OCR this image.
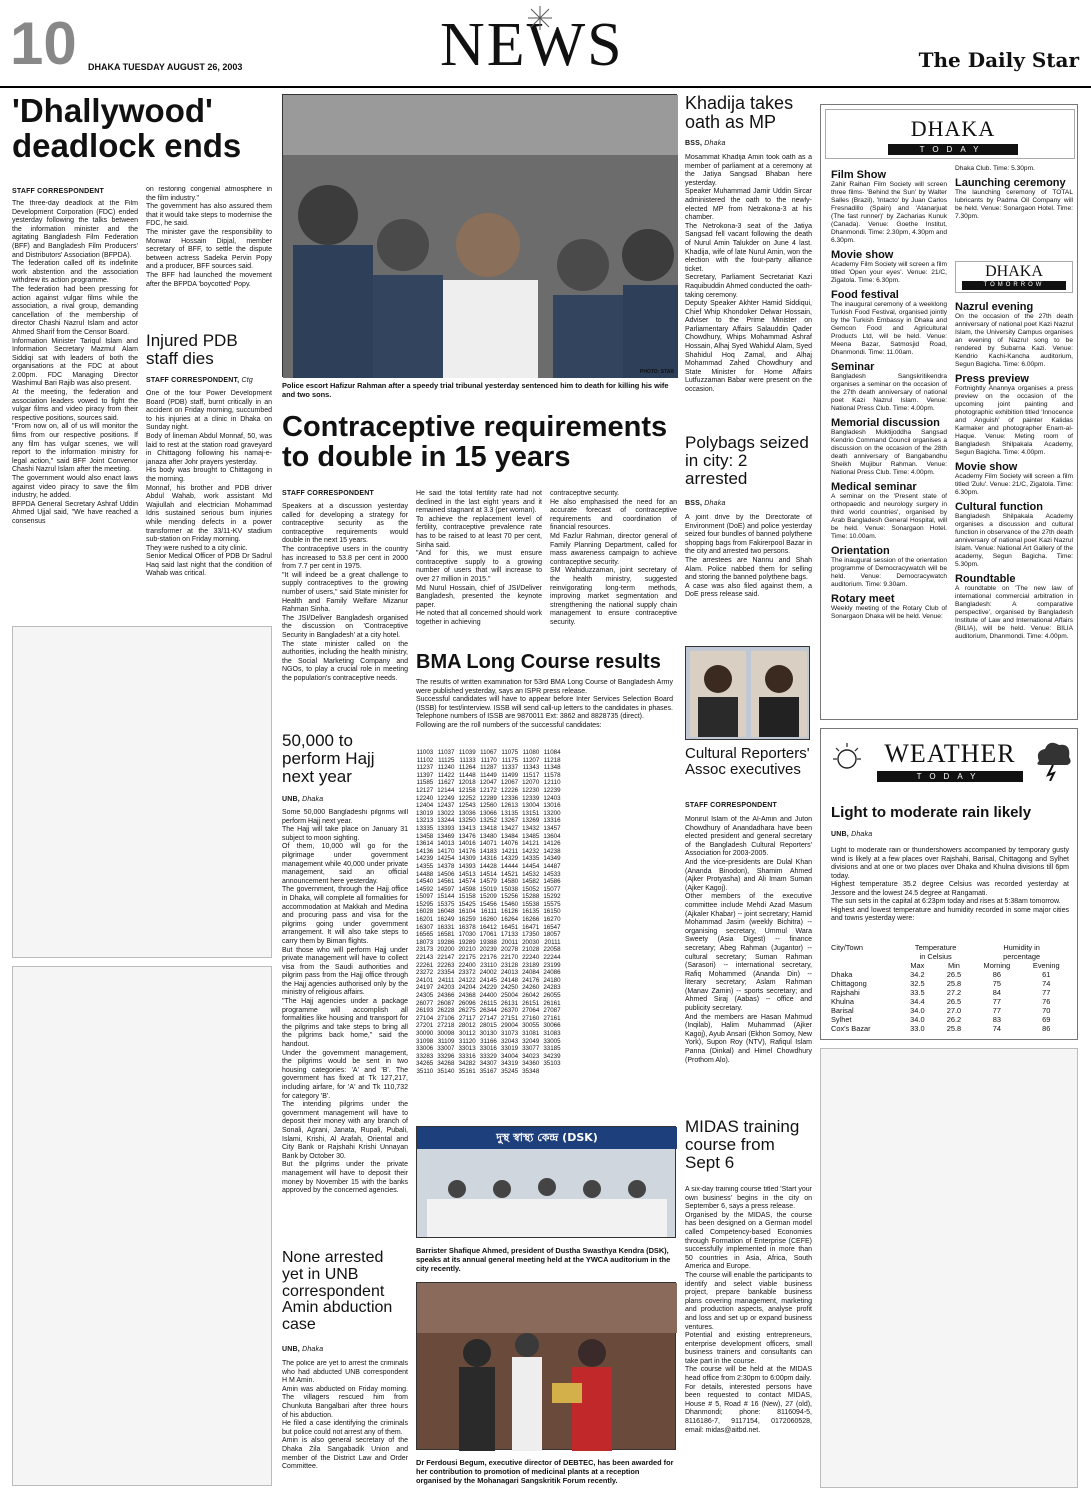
10 DHAKA TUESDAY AUGUST 26, 2003	NEWS	The Daily Star
'Dhallywood' deadlock ends
STAFF CORRESPONDENT

The three-day deadlock at the Film Development Corporation (FDC) ended yesterday following the talks between the information minister and the agitating Bangladesh Film Federation (BFF) and Bangladesh Film Producers' and Distributors' Association (BFPDA).

The federation called off its indefinite work abstention and the association withdrew its action programme.

The federation had been pressing for action against vulgar films while the association, a rival group, demanding cancellation of the membership of director Chashi Nazrul Islam and actor Ahmed Sharif from the Censor Board.

Information Minister Tariqul Islam and Information Secretary Mazmul Alam Siddiqi sat with leaders of both the organisations at the FDC at about 2.00pm. FDC Managing Director Washimul Bari Rajib was also present.

At the meeting, the federation and association leaders vowed to fight the vulgar films and video piracy from their respective positions, sources said.

"From now on, all of us will monitor the films from our respective positions. If any film has vulgar scenes, we will report to the information ministry for legal action," said BFF Joint Convenor Chashi Nazrul Islam after the meeting.

The government would also enact laws against video piracy to save the film industry, he added.

BFPDA General Secretary Ashraf Uddin Ahmed Ujjal said, "We have reached a consensus

on restoring congenial atmosphere in the film industry."

The government has also assured them that it would take steps to modernise the FDC, he said.

The minister gave the responsibility to Monwar Hossain Dipjal, member secretary of BFF, to settle the dispute between actress Sadeka Pervin Popy and a producer, BFF sources said.

The BFF had launched the movement after the BFPDA 'boycotted' Popy.

Injured PDB staff dies
STAFF CORRESPONDENT, Ctg

One of the four Power Development Board (PDB) staff, burnt critically in an accident on Friday morning, succumbed to his injuries at a clinic in Dhaka on Sunday night.

Body of lineman Abdul Monnaf, 50, was laid to rest at the station road graveyard in Chittagong following his namaj-e-janaza after Johr prayers yesterday.

His body was brought to Chittagong in the morning.

Monnaf, his brother and PDB driver Abdul Wahab, work assistant Md Wajiullah and electrician Mohammad Idris sustained serious burn injuries while mending defects in a power transformer at the 33/11-KV stadium sub-station on Friday morning.

They were rushed to a city clinic.

Senior Medical Officer of PDB Dr Sadrul Haq said last night that the condition of Wahab was critical.

PHOTO: STAR
Police escort Hafizur Rahman after a speedy trial tribunal yesterday sentenced him to death for killing his wife and two sons.
Contraceptive requirements to double in 15 years
STAFF CORRESPONDENT

Speakers at a discussion yesterday called for developing a strategy for contraceptive security as the contraceptive requirements would double in the next 15 years.

The contraceptive users in the country has increased to 53.8 per cent in 2000 from 7.7 per cent in 1975.

"It will indeed be a great challenge to supply contraceptives to the growing number of users," said State minister for Health and Family Welfare Mizanur Rahman Sinha.

The JSI/Deliver Bangladesh organised the discussion on 'Contraceptive Security in Bangladesh' at a city hotel.

The state minister called on the authorities, including the health ministry, the Social Marketing Company and NGOs, to play a crucial role in meeting the population's contraceptive needs.

He said the total fertility rate had not declined in the last eight years and it remained stagnant at 3.3 (per woman).

To achieve the replacement level of fertility, contraceptive prevalence rate has to be raised to at least 70 per cent, Sinha said.

"And for this, we must ensure contraceptive supply to a growing number of users that will increase to over 27 million in 2015."

Md Nurul Hossain, chief of JSI/Deliver Bangladesh, presented the keynote paper.

He noted that all concerned should work together in achieving

contraceptive security.

He also emphasised the need for an accurate forecast of contraceptive requirements and coordination of financial resources.

Md Fazlur Rahman, director general of Family Planning Department, called for mass awareness campaign to achieve contraceptive security.

SM Wahiduzzaman, joint secretary of the health ministry, suggested reinvigorating long-term methods, improving market segmentation and strengthening the national supply chain management to ensure contraceptive security.

50,000 to perform Hajj next year
UNB, Dhaka

Some 50,000 Bangladeshi pilgrims will perform Hajj next year.

The Hajj will take place on January 31 subject to moon sighting.

Of them, 10,000 will go for the pilgrimage under government management while 40,000 under private management, said an official announcement here yesterday.

The government, through the Hajj office in Dhaka, will complete all formalities for accommodation at Makkah and Medina and procuring pass and visa for the pilgrims going under government arrangement. It will also take steps to carry them by Biman flights.

But those who will perform Hajj under private management will have to collect visa from the Saudi authorities and pilgrim pass from the Hajj office through the Hajj agencies authorised only by the ministry of religious affairs.

"The Hajj agencies under a package programme will accomplish all formalities like housing and transport for the pilgrims and take steps to bring all the pilgrims back home," said the handout.

Under the government management, the pilgrims would be sent in two housing categories: 'A' and 'B'. The government has fixed at Tk 127,217, including airfare, for 'A' and Tk 110,732 for category 'B'.

The intending pilgrims under the government management will have to deposit their money with any branch of Sonali, Agrani, Janata, Rupali, Pubali, Islami, Krishi, Al Arafah, Oriental and City Bank or Rajshahi Krishi Unnayan Bank by October 30.

But the pilgrims under the private management will have to deposit their money by November 15 with the banks approved by the concerned agencies.

None arrested yet in UNB correspondent Amin abduction case
UNB, Dhaka

The police are yet to arrest the criminals who had abducted UNB correspondent H M Amin.

Amin was abducted on Friday morning. The villagers rescued him from Chunkuta Bangalbari after three hours of his abduction.

He filed a case identifying the criminals but police could not arrest any of them.

Amin is also general secretary of the Dhaka Zila Sangabadik Union and member of the District Law and Order Committee.

BMA Long Course results

The results of written examination for 53rd BMA Long Course of Bangladesh Army were published yesterday, says an ISPR press release.

Successful candidates will have to appear before Inter Services Selection Board (ISSB) for test/interview. ISSB will send call-up letters to the candidates in phases. Telephone numbers of ISSB are 9870011 Ext: 3862 and 8828735 (direct).

Following are the roll numbers of the successful candidates:

11003	11037	11039	11067	11075	11080	11084
11102	11125	11133	11170	11175	11207	11218
11237	11240	11264	11287	11337	11343	11348
11397	11422	11448	11449	11499	11517	11578
11585	11627	12018	12047	12067	12070	12110
12127	12144	12158	12172	12226	12230	12239
12240	12249	12252	12289	12336	12339	12403
12404	12437	12543	12560	12613	13004	13016
13019	13022	13036	13066	13135	13151	13200
13213	13244	13250	13252	13267	13269	13316
13335	13393	13413	13418	13427	13432	13457
13458	13469	13476	13480	13484	13485	13604
13614	14013	14016	14071	14076	14121	14126
14136	14170	14176	14183	14211	14232	14238
14239	14254	14309	14316	14329	14335	14349
14355	14378	14393	14428	14444	14454	14487
14488	14506	14513	14514	14521	14532	14533
14540	14561	14574	14579	14580	14582	14586
14592	14597	14598	15019	15038	15052	15077
15097	15144	15158	15209	15256	15288	15292
15295	15375	15425	15456	15460	15538	15575
16028	16048	16104	16111	16126	16135	16150
16201	16249	16259	16260	16264	16266	16270
16307	16331	16378	16412	16451	16471	16547
16565	16581	17030	17061	17133	17350	18057
18073	19286	19289	19388	20011	20030	20111
23173	20200	20210	20239	20278	21028	22058
22143	22147	22175	22176	22170	22240	22244
22261	22263	22400	23110	23128	23189	23199
23272	23354	23372	24002	24013	24084	24086
24101	24111	24122	24145	24148	24176	24180
24197	24203	24204	24229	24250	24260	24283
24305	24366	24368	24400	25004	26042	26055
26077	26087	26096	26115	26131	26151	26161
26193	26228	26275	26344	26370	27064	27087
27104	27106	27117	27147	27151	27160	27161
27201	27218	28012	28015	29004	30055	30066
30090	30098	30112	30130	31073	31081	31083
31098	31109	31120	31166	32043	32049	33005
33006	33007	33013	33016	33019	33077	33185
33283	33296	33316	33329	34004	34023	34239
34265	34268	34282	34307	34319	34360	35103
35110	35140	35161	35167	35245	35348	
দুস্থ স্বাস্থ্য কেন্দ্র (DSK)
Barrister Shafique Ahmed, president of Dustha Swasthya Kendra (DSK), speaks at its annual general meeting held at the YWCA auditorium in the city recently.
Dr Ferdousi Begum, executive director of DEBTEC, has been awarded for her contribution to promotion of medicinal plants at a reception organised by the Mohanagari Sangskritik Forum recently.
Khadija takes oath as MP
BSS, Dhaka

Mosammat Khadija Amin took oath as a member of parliament at a ceremony at the Jatiya Sangsad Bhaban here yesterday.

Speaker Muhammad Jamir Uddin Sircar administered the oath to the newly-elected MP from Netrakona-3 at his chamber.

The Netrokona-3 seat of the Jatiya Sangsad fell vacant following the death of Nurul Amin Talukder on June 4 last. Khadija, wife of late Nurul Amin, won the election with the four-party alliance ticket.

Secretary, Parliament Secretariat Kazi Raquibuddin Ahmed conducted the oath-taking ceremony.

Deputy Speaker Akhter Hamid Siddiqui, Chief Whip Khondoker Delwar Hossain, Adviser to the Prime Minister on Parliamentary Affairs Salauddin Qader Chowdhury, Whips Mohammad Ashraf Hossain, Alhaj Syed Wahidul Alam, Syed Shahidul Hoq Zamal, and Alhaj Mohammad Zahed Chowdhury and State Minister for Home Affairs Lutfuzzaman Babar were present on the occasion.

Polybags seized in city: 2 arrested
BSS, Dhaka

A joint drive by the Directorate of Environment (DoE) and police yesterday seized four bundles of banned polythene shopping bags from Fakirerpool Bazar in the city and arrested two persons.

The arrestees are Nannu and Shah Alam. Police nabbed them for selling and storing the banned polythene bags.

A case was also filed against them, a DoE press release said.

Cultural Reporters' Assoc executives
STAFF CORRESPONDENT

Monirul Islam of the Al-Amin and Juton Chowdhury of Anandadhara have been elected president and general secretary of the Bangladesh Cultural Reporters' Association for 2003-2005.

And the vice-presidents are Dulal Khan (Ananda Binodon), Shamim Ahmed (Ajker Protyasha) and Ali Imam Suman (Ajker Kagoj).

Other members of the executive committee include Mehdi Azad Masum (Ajkaler Khabar) -- joint secretary; Hamid Mohammad Jasim (weekly Bichitra) -- organising secretary, Ummul Wara Sweety (Asia Digest) -- finance secretary; Abeg Rahman (Jugantor) -- cultural secretary; Suman Rahman (Sarasori) -- international secretary, Rafiq Mohammed (Ananda Din) -- literary secretary; Aslam Rahman (Manav Zamin) -- sports secretary; and Ahmed Siraj (Aabas) -- office and publicity secretary.

And the members are Hasan Mahmud (Inqilab), Halim Muhammad (Ajker Kagoj), Ayub Ansari (Ekhon Somoy, New York), Supon Roy (NTV), Rafiqul Islam Panna (Dinkal) and Himel Chowdhury (Prothom Alo).

MIDAS training course from Sept 6

A six-day training course titled 'Start your own business' begins in the city on September 6, says a press release.

Organised by the MIDAS, the course has been designed on a German model called Competency-based Economies through Formation of Enterprise (CEFE) successfully implemented in more than 50 countries in Asia, Africa, South America and Europe.

The course will enable the participants to identify and select viable business project, prepare bankable business plans covering management, marketing and production aspects, analyse profit and loss and set up or expand business ventures.

Potential and existing entrepreneurs, enterprise development officers, small business trainers and consultants can take part in the course.

The course will be held at the MIDAS head office from 2:30pm to 6:00pm daily.

For details, interested persons have been requested to contact MIDAS, House # 5, Road # 16 (New), 27 (old), Dhanmondi; phone: 8116094-5, 8116186-7, 9117154, 0172060528, email: midas@aitbd.net.

DHAKA
TODAY
Film Show

Zahir Raihan Film Society will screen three films- 'Behind the Sun' by Walter Salles (Brazil), 'Intacto' by Juan Carlos Fresnadillo (Spain) and 'Atanarjuat (The fast runner)' by Zacharias Kunuk (Canada). Venue: Goethe Institut, Dhanmondi. Time: 2.30pm, 4.30pm and 6.30pm.

Movie show

Academy Film Society will screen a film titled 'Open your eyes'. Venue: 21/C, Zigatola. Time: 6.30pm.

Food festival

The inaugural ceremony of a weeklong Turkish Food Festival, organised jointly by the Turkish Embassy in Dhaka and Gemcon Food and Agricultural Products Ltd, will be held. Venue: Meena Bazar, Satmosjid Road, Dhanmondi. Time: 11.00am.

Seminar

Bangladesh Sangskritikendra organises a seminar on the occasion of the 27th death anniversary of national poet Kazi Nazrul Islam. Venue: National Press Club. Time: 4.00pm.

Memorial discussion

Bangladesh Muktijoddha Sangsad Kendrio Command Council organises a discussion on the occasion of the 28th death anniversary of Bangabandhu Sheikh Mujibur Rahman. Venue: National Press Club. Time: 4.00pm.

Medical seminar

A seminar on the 'Present state of orthopaedic and neurology surgery in third world countries', organised by Arab Bangladesh General Hospital, will be held. Venue: Sonargaon Hotel. Time: 10.00am.

Orientation

The inaugural session of the orientation programme of Democracywatch will be held. Venue: Democracywatch auditorium. Time: 9.30am.

Rotary meet

Weekly meeting of the Rotary Club of Sonargaon Dhaka will be held. Venue:

Dhaka Club. Time: 5.30pm.

Launching ceremony

The launching ceremony of TOTAL lubricants by Padma Oil Company will be held. Venue: Sonargaon Hotel. Time: 7.30pm.

DHAKA
TOMORROW
Nazrul evening

On the occasion of the 27th death anniversary of national poet Kazi Nazrul Islam, the University Campus organises an evening of Nazrul song to be rendered by Subarna Kazi. Venue: Kendrio Kachi-Kancha auditorium, Segun Bagicha. Time: 6.00pm.

Press preview

Fortnightly Anannya organises a press preview on the occasion of the upcoming joint painting and photographic exhibition titled 'Innocence and Anguish' of painter Kalidas Karmaker and photographer Enam-al-Haque. Venue: Meting room of Bangladesh Shilpakala Academy, Segun Bagicha. Time: 4.00pm.

Movie show

Academy Film Society will screen a film titled 'Zulu'. Venue: 21/C, Zigatola. Time: 6.30pm.

Cultural function

Bangladesh Shilpakala Academy organises a discussion and cultural function in observance of the 27th death anniversary of national poet Kazi Nazrul Islam. Venue: National Art Gallery of the academy, Segun Bagicha. Time: 5.30pm.

Roundtable

A roundtable on 'The new law of international commercial arbitration in Bangladesh: A comparative perspective', organised by Bangladesh Institute of Law and International Affairs (BILIA), will be held. Venue: BILIA auditorium, Dhanmondi. Time: 4.00pm.

WEATHER
TODAY
Light to moderate rain likely
UNB, Dhaka

Light to moderate rain or thundershowers accompanied by temporary gusty wind is likely at a few places over Rajshahi, Barisal, Chittagong and Sylhet divisions and at one or two places over Dhaka and Khulna divisions till 6pm today.

Highest temperature 35.2 degree Celsius was recorded yesterday at Jessore and the lowest 24.5 degree at Rangamati.

The sun sets in the capital at 6:23pm today and rises at 5:38am tomorrow.

Highest and lowest temperature and humidity recorded in some major cities and towns yesterday were:

City/Town	Temperature		Humidity in	
	in Celsius		percentage	
	Max	Min	Morning	Evening
Dhaka	34.2	26.5	86	61
Chittagong	32.5	25.8	75	74
Rajshahi	33.5	27.2	84	77
Khulna	34.4	26.5	77	76
Barisal	34.0	27.0	77	70
Sylhet	34.0	26.2	83	69
Cox's Bazar	33.0	25.8	74	86
